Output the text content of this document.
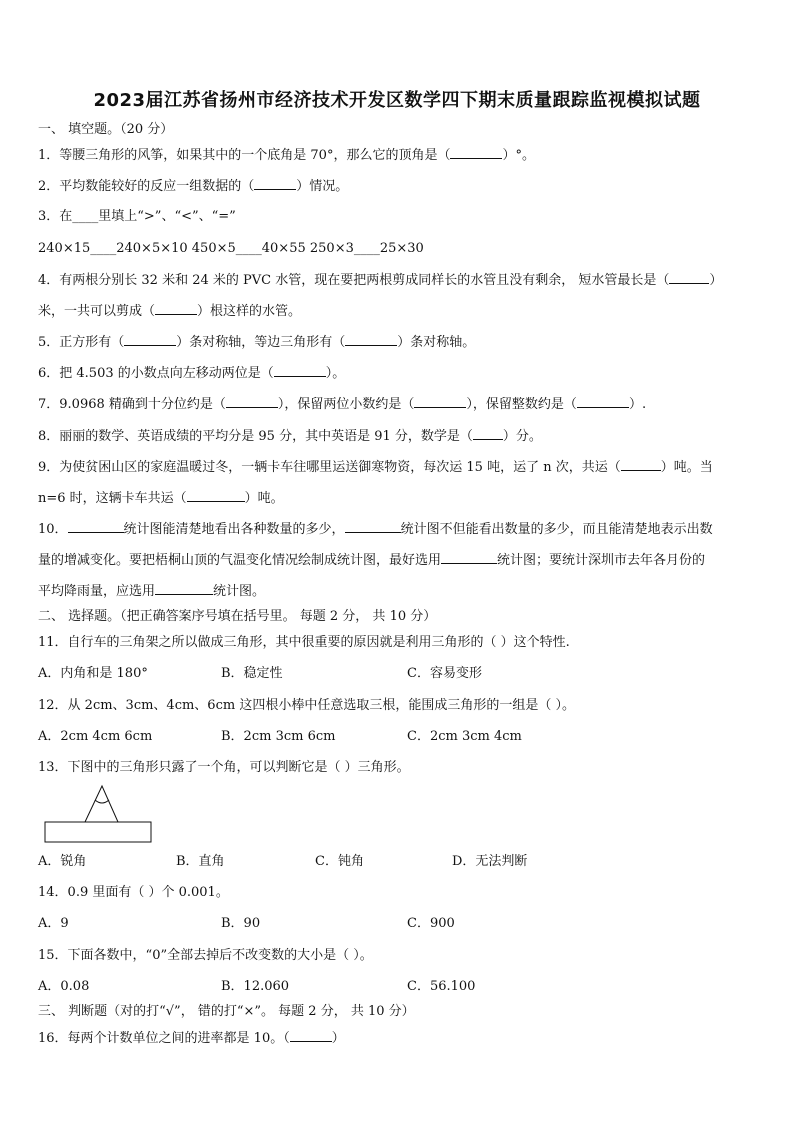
2023届江苏省扬州市经济技术开发区数学四下期末质量跟踪监视模拟试题
一、 填空题。（20 分）
1．等腰三角形的风筝，如果其中的一个底角是 70°，那么它的顶角是（	）°。
2．平均数能较好的反应一组数据的（	）情况。
3．在____里填上“>”、“<”、“=”
240×15____240×5×10 450×5____40×55 250×3____25×30
4．有两根分别长 32 米和 24 米的 PVC 水管，现在要把两根剪成同样长的水管且没有剩余， 短水管最长是（	）
米，一共可以剪成（	）根这样的水管。
5．正方形有（	）条对称轴，等边三角形有（	）条对称轴。
6．把 4.503 的小数点向左移动两位是（	）。
7．9.0968 精确到十分位约是（	），保留两位小数约是（	），保留整数约是（	）.
8．丽丽的数学、英语成绩的平均分是 95 分，其中英语是 91 分，数学是（ ）分。
9．为使贫困山区的家庭温暖过冬，一辆卡车往哪里运送御寒物资，每次运 15 吨，运了 n 次，共运（	）吨。当
n=6 时，这辆卡车共运（	）吨。
10．	统计图能清楚地看出各种数量的多少，	统计图不但能看出数量的多少，而且能清楚地表示出数
量的增减变化。要把梧桐山顶的气温变化情况绘制成统计图，最好选用	统计图；要统计深圳市去年各月份的
平均降雨量，应选用	统计图。
二、 选择题。（把正确答案序号填在括号里。 每题 2 分， 共 10 分）
11．自行车的三角架之所以做成三角形，其中很重要的原因就是利用三角形的（ ）这个特性.
A．内角和是 180°	B．稳定性	C．容易变形
12．从 2cm、3cm、4cm、6cm 这四根小棒中任意选取三根，能围成三角形的一组是（ ）。
A．2cm 4cm 6cm	B．2cm 3cm 6cm	C．2cm 3cm 4cm
13．下图中的三角形只露了一个角，可以判断它是（ ）三角形。
A．锐角	B．直角	C．钝角	D．无法判断
14．0.9 里面有（ ）个 0.001。
A．9	B．90	C．900
15．下面各数中，“0”全部去掉后不改变数的大小是（ ）。
A．0.08	B．12.060	C．56.100
三、 判断题（对的打“√”， 错的打“×”。 每题 2 分， 共 10 分）
16．每两个计数单位之间的进率都是 10。（	）
